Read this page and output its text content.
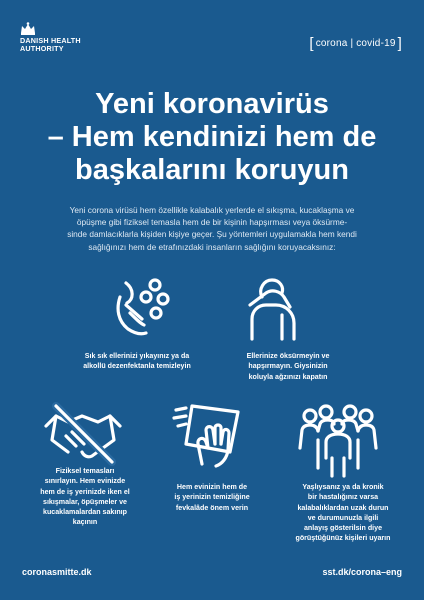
DANISH HEALTH
AUTHORITY	[ corona | covid-19 ]
Yeni koronavirüs
– Hem kendinizi hem de
başkalarını koruyun

Yeni corona virüsü hem özellikle kalabalık yerlerde el sıkışma, kucaklaşma ve
öpüşme gibi fiziksel temasla hem de bir kişinin hapşırması veya öksürme-
sinde damlacıklarla kişiden kişiye geçer. Şu yöntemleri uygulamakla hem kendi
sağlığınızı hem de etrafınızdaki insanların sağlığını koruyacaksınız:

Sık sık ellerinizi yıkayınız ya da
alkollü dezenfektanla temizleyin
Ellerinize öksürmeyin ve
hapşırmayın. Giysinizin
koluyla ağzınızı kapatın
Fiziksel temasları
sınırlayın. Hem evinizde
hem de iş yerinizde iken el
sıkışmalar, öpüşmeler ve
kucaklamalardan sakınıp
kaçının
Hem evinizin hem de
iş yerinizin temizliğine
fevkalâde önem verin
Yaşlıysanız ya da kronik
bir hastalığınız varsa
kalabalıklardan uzak durun
ve durumunuzla ilgili
anlayış gösterilsin diye
görüştüğünüz kişileri uyarın
coronasmitte.dk	sst.dk/corona–eng
